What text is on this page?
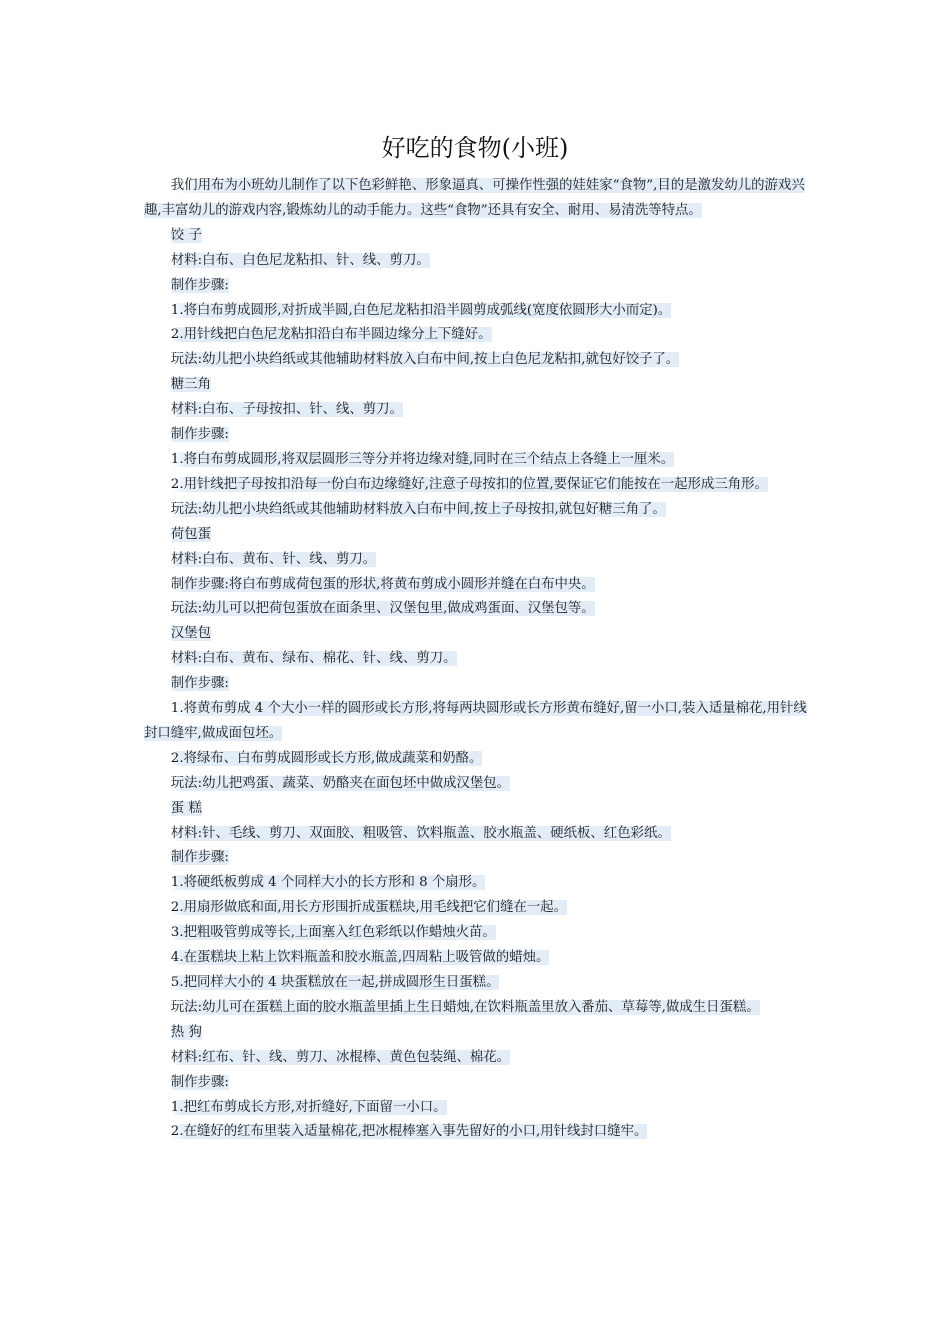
好吃的食物(小班)

我们用布为小班幼儿制作了以下色彩鲜艳、形象逼真、可操作性强的娃娃家“食物”,目的是激发幼儿的游戏兴趣,丰富幼儿的游戏内容,锻炼幼儿的动手能力。这些“食物”还具有安全、耐用、易清洗等特点。

饺 子

材料:白布、白色尼龙粘扣、针、线、剪刀。

制作步骤:

1.将白布剪成圆形,对折成半圆,白色尼龙粘扣沿半圆剪成弧线(宽度依圆形大小而定)。

2.用针线把白色尼龙粘扣沿白布半圆边缘分上下缝好。

玩法:幼儿把小块绉纸或其他辅助材料放入白布中间,按上白色尼龙粘扣,就包好饺子了。

糖三角

材料:白布、子母按扣、针、线、剪刀。

制作步骤:

1.将白布剪成圆形,将双层圆形三等分并将边缘对缝,同时在三个结点上各缝上一厘米。

2.用针线把子母按扣沿每一份白布边缘缝好,注意子母按扣的位置,要保证它们能按在一起形成三角形。

玩法:幼儿把小块绉纸或其他辅助材料放入白布中间,按上子母按扣,就包好糖三角了。

荷包蛋

材料:白布、黄布、针、线、剪刀。

制作步骤:将白布剪成荷包蛋的形状,将黄布剪成小圆形并缝在白布中央。

玩法:幼儿可以把荷包蛋放在面条里、汉堡包里,做成鸡蛋面、汉堡包等。

汉堡包

材料:白布、黄布、绿布、棉花、针、线、剪刀。

制作步骤:

1.将黄布剪成 4 个大小一样的圆形或长方形,将每两块圆形或长方形黄布缝好,留一小口,装入适量棉花,用针线封口缝牢,做成面包坯。

2.将绿布、白布剪成圆形或长方形,做成蔬菜和奶酪。

玩法:幼儿把鸡蛋、蔬菜、奶酪夹在面包坯中做成汉堡包。

蛋 糕

材料:针、毛线、剪刀、双面胶、粗吸管、饮料瓶盖、胶水瓶盖、硬纸板、红色彩纸。

制作步骤:

1.将硬纸板剪成 4 个同样大小的长方形和 8 个扇形。

2.用扇形做底和面,用长方形围折成蛋糕块,用毛线把它们缝在一起。

3.把粗吸管剪成等长,上面塞入红色彩纸以作蜡烛火苗。

4.在蛋糕块上粘上饮料瓶盖和胶水瓶盖,四周粘上吸管做的蜡烛。

5.把同样大小的 4 块蛋糕放在一起,拼成圆形生日蛋糕。

玩法:幼儿可在蛋糕上面的胶水瓶盖里插上生日蜡烛,在饮料瓶盖里放入番茄、草莓等,做成生日蛋糕。

热 狗

材料:红布、针、线、剪刀、冰棍棒、黄色包装绳、棉花。

制作步骤:

1.把红布剪成长方形,对折缝好,下面留一小口。

2.在缝好的红布里装入适量棉花,把冰棍棒塞入事先留好的小口,用针线封口缝牢。
